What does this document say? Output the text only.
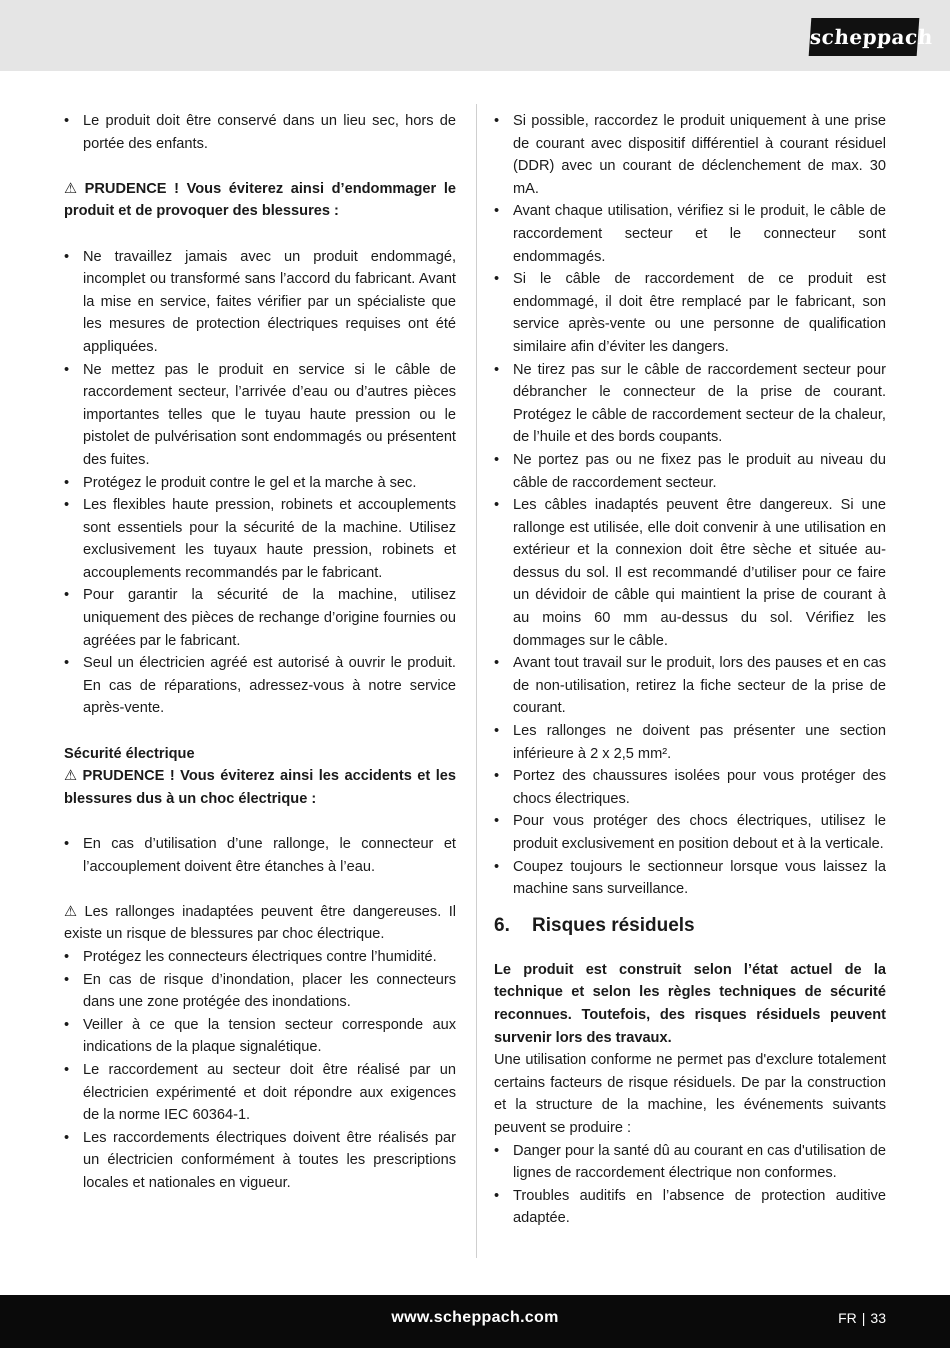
scheppach
• Le produit doit être conservé dans un lieu sec, hors de portée des enfants.

⚠ PRUDENCE ! Vous éviterez ainsi d’endommager le produit et de provoquer des blessures :

• Ne travaillez jamais avec un produit endommagé, incomplet ou transformé sans l’accord du fabricant. Avant la mise en service, faites vérifier par un spécialiste que les mesures de protection électriques requises ont été appliquées.
• Ne mettez pas le produit en service si le câble de raccordement secteur, l’arrivée d’eau ou d’autres pièces importantes telles que le tuyau haute pression ou le pistolet de pulvérisation sont endommagés ou présentent des fuites.
• Protégez le produit contre le gel et la marche à sec.
• Les flexibles haute pression, robinets et accouplements sont essentiels pour la sécurité de la machine. Utilisez exclusivement les tuyaux haute pression, robinets et accouplements recommandés par le fabricant.
• Pour garantir la sécurité de la machine, utilisez uniquement des pièces de rechange d’origine fournies ou agréées par le fabricant.
• Seul un électricien agréé est autorisé à ouvrir le produit. En cas de réparations, adressez-vous à notre service après-vente.

Sécurité électrique

⚠ PRUDENCE ! Vous éviterez ainsi les accidents et les blessures dus à un choc électrique :

• En cas d’utilisation d’une rallonge, le connecteur et l’accouplement doivent être étanches à l’eau.

⚠ Les rallonges inadaptées peuvent être dangereuses. Il existe un risque de blessures par choc électrique.

• Protégez les connecteurs électriques contre l’humidité.
• En cas de risque d’inondation, placer les connecteurs dans une zone protégée des inondations.
• Veiller à ce que la tension secteur corresponde aux indications de la plaque signalétique.
• Le raccordement au secteur doit être réalisé par un électricien expérimenté et doit répondre aux exigences de la norme IEC 60364-1.
• Les raccordements électriques doivent être réalisés par un électricien conformément à toutes les prescriptions locales et nationales en vigueur.
• Si possible, raccordez le produit uniquement à une prise de courant avec dispositif différentiel à courant résiduel (DDR) avec un courant de déclenchement de max. 30 mA.
• Avant chaque utilisation, vérifiez si le produit, le câble de raccordement secteur et le connecteur sont endommagés.
• Si le câble de raccordement de ce produit est endommagé, il doit être remplacé par le fabricant, son service après-vente ou une personne de qualification similaire afin d’éviter les dangers.
• Ne tirez pas sur le câble de raccordement secteur pour débrancher le connecteur de la prise de courant. Protégez le câble de raccordement secteur de la chaleur, de l’huile et des bords coupants.
• Ne portez pas ou ne fixez pas le produit au niveau du câble de raccordement secteur.
• Les câbles inadaptés peuvent être dangereux. Si une rallonge est utilisée, elle doit convenir à une utilisation en extérieur et la connexion doit être sèche et située au-dessus du sol. Il est recommandé d’utiliser pour ce faire un dévidoir de câble qui maintient la prise de courant à au moins 60 mm au-dessus du sol. Vérifiez les dommages sur le câble.
• Avant tout travail sur le produit, lors des pauses et en cas de non-utilisation, retirez la fiche secteur de la prise de courant.
• Les rallonges ne doivent pas présenter une section inférieure à 2 x 2,5 mm².
• Portez des chaussures isolées pour vous protéger des chocs électriques.
• Pour vous protéger des chocs électriques, utilisez le produit exclusivement en position debout et à la verticale.
• Coupez toujours le sectionneur lorsque vous laissez la machine sans surveillance.
6.	Risques résiduels

Le produit est construit selon l’état actuel de la technique et selon les règles techniques de sécurité reconnues. Toutefois, des risques résiduels peuvent survenir lors des travaux.

Une utilisation conforme ne permet pas d'exclure totalement certains facteurs de risque résiduels. De par la construction et la structure de la machine, les événements suivants peuvent se produire :

• Danger pour la santé dû au courant en cas d'utilisation de lignes de raccordement électrique non conformes.
• Troubles auditifs en l’absence de protection auditive adaptée.
www.scheppach.com	FR | 33
